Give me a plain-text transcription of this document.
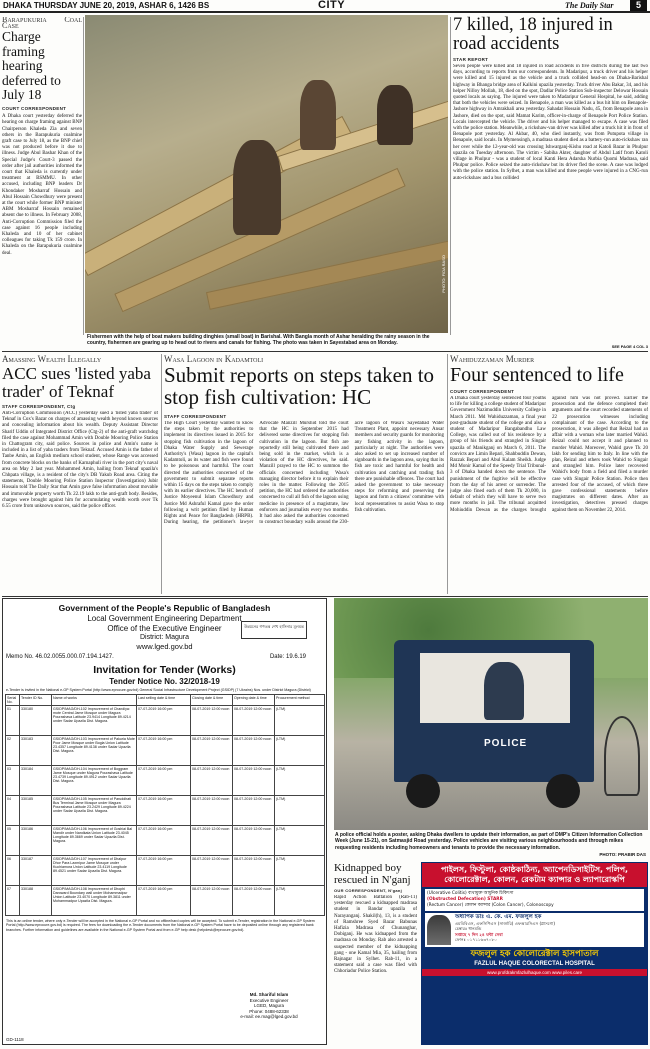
DHAKA THURSDAY JUNE 20, 2019, ASHAR 6, 1426 BS	CITY	The Daily Star	5
Barapukuria Coal Case
Charge framing hearing deferred to July 18
COURT CORRESPONDENT
A Dhaka court yesterday deferred the hearing on charge framing against BNP Chairperson Khaleda Zia and seven others in the Barapukuria coalmine graft case to July 18, as the BNP chief was not produced before it due to illness. Judge Abul Bashar Khan of the Special Judge's Court-3 passed the order after jail authorities informed the court that Khaleda is currently under treatment at BSMMU. In other accused, including BNP leaders Dr Khondaker Mosharraf Hossain and Abul Hossain Chowdhury were present at the court while former BNP minister ABM Mosharraf Hossain remained absent due to illness. In February 2008, Anti-Corruption Commission filed the case against 16 people including Khaleda and 10 of her cabinet colleagues for taking Tk 159 crore. In Khaleda on the Barapukuria coalmine deal.
PHOTO: FIDA RASO
Fishermen with the help of boat makers building dinghies (small boat) in Barishal. With Bangla month of Ashar heralding the rainy season in the country, fishermen are gearing up to head out to rivers and canals for fishing. The photo was taken in Sayestabad area on Monday.
7 killed, 18 injured in road accidents
STAR REPORT
Seven people were killed and 18 injured in road accidents in five districts during the last two days, according to reports from our correspondents. In Madaripur, a truck driver and his helper were killed and 15 injured as the vehicle and a truck collided head-on on Dhaka-Barishal highway in Bhanga bridge area of Kalkini upazila yesterday. Truck driver Abu Bakar, 34, and his helper Nilloy Mollah, 18, died on the spot, Dadlar Police Station Sub-inspector Delowar Hossain quoted locals as saying. The injured were taken to Madaripur General Hospital, he said, adding that both the vehicles were seized. In Benapole, a man was killed as a bus hit him on Benapole-Jashore highway in Amrakhali area yesterday. Sahadat Hossain Nadu, 45, from Benapole area in Jashore, died on the spot, said Mamat Karim, officer-in-charge of Benapole Port Police Station. Locals intercepted the vehicle. The driver and his helper managed to escape. A case was filed with the police station. Meanwhile, a rickshaw-van driver was killed after a truck hit it in front of Benapole port yesterday. Al Akbar, 40, who died instantly, was from Putupota village in Benapole, said locals. In Mymensingh, a madrasa student died as a battery-run auto-rickshaw ran her over while the 12-year-old was crossing Ishwarganj-Kishu road at Katoli Bazar in Phulpur upazila on Tuesday afternoon. The victim - Sabiha Akter, daughter of Abdul Latif from Katoli village in Phulpur - was a student of local Kanti Hera Adarsha Nurbia Quomi Madrasa, said Phulpur police. Police seized the auto-rickshaw but its driver fled the scene. A case was lodged with the police station. In Sylhet, a man was killed and three people were injured in a CNG-run auto-rickshaw and a bus collided
SEE PAGE 4 COL 3
Amassing Wealth Illegally
ACC sues 'listed yaba trader' of Teknaf
STAFF CORRESPONDENT, Ctg
Anti-Corruption Commission (ACC) yesterday sued a 'listed yaba trader' of Teknaf in Cox's Bazar on charges of amassing wealth beyond known sources and concealing information about his wealth. Deputy Assistant Director Sharif Uddin of Integrated District Office (Ctg-2) of the anti-graft watchdog filed the case against Mohammad Amin with Double Mooring Police Station in Chattogram city, said police. Sources in police and Amin's name is included in a list of yaba traders from Teknaf. Accused Amin is the father of Tanbe Amin, an English medium school student, whose Range was accessed from concrete blocks on the banks of Karnaphuli river in the port city's naval area on May 2 last year. Mohammed Amin, hailing from Teknaf upazila's Chhpata village, is a resident of the city's DB Yakub Road area. Citing the statements, Double Mooring Police Station Inspector (Investigation) Jubir Hossain told The Daily Star that Amin gave false information about movable and immovable property worth Tk 22.19 lakh to the anti-graft body. Besides, charges were brought against him for accumulating wealth worth over Tk 6.55 crore from unknown sources, said the police officer.
Wasa Lagoon in Kadamtoli
Submit reports on steps taken to stop fish cultivation: HC
STAFF CORRESPONDENT
The High Court yesterday wanted to know the steps taken by the authorities to implement its directives issued in 2015 for stopping fish cultivation in the lagoon of Dhaka Water Supply and Sewerage Authority's (Wasa) lagoon in the capital's Kadamtoli, as its water and fish were found to be poisonous and harmful. The court directed the authorities concerned of the government to submit separate reports within 15 days on the steps taken to comply with its earlier directives. The HC bench of Justice Moyeenul Islam Chowdhury and Justice Md Ashraful Kamal gave the order following a writ petition filed by Human Rights and Peace for Bangladesh (HRPB). During hearing, the petitioner's lawyer Advocate Manzill Murshid told the court that the HC in September 2015 had delivered some directives for stopping fish cultivation in the lagoon. But fish are reportedly still being cultivated there and being sold in the market, which is a violation of the HC directives, he said. Manzill prayed to the HC to summon the officials concerned including Wasa's managing director before it to explain their roles in the matter. Following the 2015 petition, the HC had ordered the authorities concerned to cull all fish of the lagoon using medicine in presence of a magistrate, law enforcers and journalists every two months. It had also asked the authorities concerned to construct boundary walls around the 230-acre lagoon of Wasa's Sayedabad Water Treatment Plant, appoint necessary Ansar members and security guards for monitoring any fishing activity in the lagoon, particularly at night. The authorities were also asked to set up increased number of signboards in the lagoon area, saying that its fish are toxic and harmful for health and cultivation and catching and trading fish there are punishable offences. The court had asked the government to take necessary steps for reforming and preserving the lagoon and form a citizens' committee with local representatives to assist Wasa to stop fish cultivation.
Wahiduzzaman Murder
Four sentenced to life
COURT CORRESPONDENT
A Dhaka court yesterday sentenced four youths to life for killing a college student of Madaripur Government Nazimuddin University College in March 2011. Md Wahiduzzaman, a final year post-graduate student of the college and also a student of Madaripur Bangabandhu Law College, was called out of his residence by a group of his friends and strangled in Singair upazila of Manikganj on March 6, 2011. The convicts are Limin Bepari, Shahbuddin Dewan, Razzak Bepari and Abul Kalam Sheikh. Judge Md Monir Kamal of the Speedy Trial Tribunal-3 of Dhaka handed down the sentence. The punishment of the fugitive will be effective from the day of his arrest or surrender. The judge also fined each of them Tk 20,000, in default of which they will have to serve two more months in jail. The tribunal acquitted Mohiuddin Dewan as the charges brought against him was not proved. Earlier the prosecution and the defence completed their arguments and the court recorded statements of 22 prosecution witnesses including complainant of the case. According to the prosecution, it was alleged that Reizal had an affair with a woman who later married Wahid. Reizal could not accept it and planned to murder Wahid. Moreover, Wahid gave Tk 20 lakh for sending him to Italy. In line with the plan, Reizal and others took Wahid to Singair and strangled him. Police later recovered Wahid's body from a field and filed a murder case with Singair Police Station. Police then arrested four of the accused, of which three gave confessional statements before magistrates on different dates. After an investigation, detectives pressed charges against them on November 22, 2014.
Government of the People's Republic of Bangladesh
Local Government Engineering Department
Office of the Executive Engineer
District: Magura
www.lged.gov.bd
উন্নয়নের গণতন্ত্র শেখ হাসিনার মূলমন্ত্র
Memo No. 46.02.0055.000.07.194.1427.	Date: 19.6.19
Invitation for Tender (Works)
Tender Notice No. 32/2018-19
e-Tender is invited in the National e-GP System Portal (http://www.eprocure.gov.bd) General Social Infrastructure Development Project (GSIDP) (7 Ukrains) Nos. under District Magura (District)
Serial No.	Tender ID No.	Name of works	Last selling date & time	Closing date & time	Opening date & time	Procurement method
01	330180	GSIDP/MAG/DH-102 Improvement of Chandiya: mote Central Jame Mosque under Magura Pourashava Latitude 23.9414 Longitude 89.4214 under Sadar Upazila Dist. Magura.	07-07-2019 16:00 pm	08-07-2019 12:00 noon	08-07-2019 12:00 noon	(LTM)
02	330183	GSIDP/MAG/DH-103 Improvement of Pakuria Mote Poor Jame Mosque under Bogla Union Latitude 23.4357 Longitude 89.4138 under Sadar Upazila Dist. Magura.	07-07-2019 16:00 pm	08-07-2019 12:00 noon	08-07-2019 12:00 noon	(LTM)
03	330184	GSIDP/MAG/DH-104 Improvement of Boggram Jame Mosque under Magura Pourashava Latitude 23.4739 Longitude 89.4912 under Sadar Upazila Dist. Magura.	07-07-2019 16:00 pm	08-07-2019 12:00 noon	08-07-2019 12:00 noon	(LTM)
04	330185	GSIDP/MAG/DH-105 Improvement of Paruddhati Bus Terminal Jame Mosque under Magura Pourashava Latitude 23.2429 Longitude 89.4224 under Sadar Upazila Dist. Magura.	07-07-2019 16:00 pm	08-07-2019 12:00 noon	08-07-2019 12:00 noon	(LTM)
05	330186	GSIDP/MAG/DH-106 Improvement of Goshiai Bal Mandir under Nandkata Union Latitude 23.4045 Longitude 89.3669 under Sadar Upazila Dist. Magura.	07-07-2019 16:00 pm	08-07-2019 12:00 noon	08-07-2019 12:00 noon	(LTM)
06	330187	GSIDP/MAG/DH-107 Improvement of Dhalpur Dhor Para Laxmipur Jame Mosque under Kuchiamora Union Latitude 23.4119 Longitude 89.4521 under Sadar Upazila Dist. Magura.	07-07-2019 16:00 pm	08-07-2019 12:00 noon	08-07-2019 12:00 noon	(LTM)
07	330188	GSIDP/MAG/DH-108 Improvement of Dhophi Daroward Boundary wall under Mohammadpur Union Latitude 23.4070 Longitude 89.3811 under Mohammadpur Upazila Dist. Magura.	07-07-2019 16:00 pm	08-07-2019 12:00 noon	08-07-2019 12:00 noon	(LTM)
This is an online tender, where only e-Tender will be accepted in the National e-GP Portal and no offline/hard copies will be accepted. To submit e-Tender, registration in the National e-GP System Portal (http://www.eprocure.gov.bd) is required. The fees for downloading the e-Tender documents from the National e-GP System Portal have to be deposited online through any registered bank branches. Further information and guidelines are available in the National e-GP System Portal and from e-GP help desk (helpdesk@eprocure.gov.bd).
Md. Shariful Islam
Executive Engineer
LGED, Magura
Phone: 0488-62338
e-mail: ee.mag@lged.gov.bd
GD-1118
POLICE
A police official holds a poster, asking Dhaka dwellers to update their information, as part of DMP's Citizen Information Collection Week (June 15-21), on Satmasjid Road yesterday. Police vehicles are visiting various neighbourhoods and through mikes requesting residents including homeowners and tenants to provide the necessary information.
PHOTO: PRABIR DAS
Kidnapped boy rescued in N'ganj
OUR CORRESPONDENT, N'ganj
Rapid Action Battalion (Rab-11) yesterday rescued a kidnapped madrasa student in Bandar upazila of Narayanganj. Shakil(h), 13, is a student of Ramshree Syed Bazar Babunas Hafizia Madrasa of Chunanghar, Dobiganj. He was kidnapped from the madrasa on Monday. Rab also arrested a suspected member of the kidnapping gang - one Kamal Mia, 35, hailing from Rajnagar in Sylhet. Rab-11, in a statement said a case was filed with Chhoriadur Police Station.
পাইলস, ফিস্টুলা, কোষ্ঠকাঠিন্য, অ্যাপেনডিসাইটিস, পলিপ, কোলোরেক্টাল, কোলন, রেকটাম ক্যান্সার ও ল্যাপারোস্কপি
(Ulcerative Colitis) ব্যথামুক্ত আধুনিক চিকিৎসা
(Obstructed Defecation) STARR
(Rectum Cancer) কোলন ক্যান্সার (Colon Cancer), Colonoscopy
অধ্যাপক ডাঃ এ. কে. এম. ফজলুল হক
এমবিবিএস, এফসিপিএস (সার্জারি) এফআরসিএস (গ্লাসগো)
চেম্বারঃ ধানমন্ডি
সপ্তাহে ৭ দিন ২৪ ঘন্টা সেবা
ফোনঃ ০১৭১১৬৩৭০৮০
ফজলুল হক কোলোরেক্টাল হাসপাতাল
FAZLUL HAQUE COLORECTAL HOSPITAL
www.profdrakmfazlulhaque.com www.piles.care
